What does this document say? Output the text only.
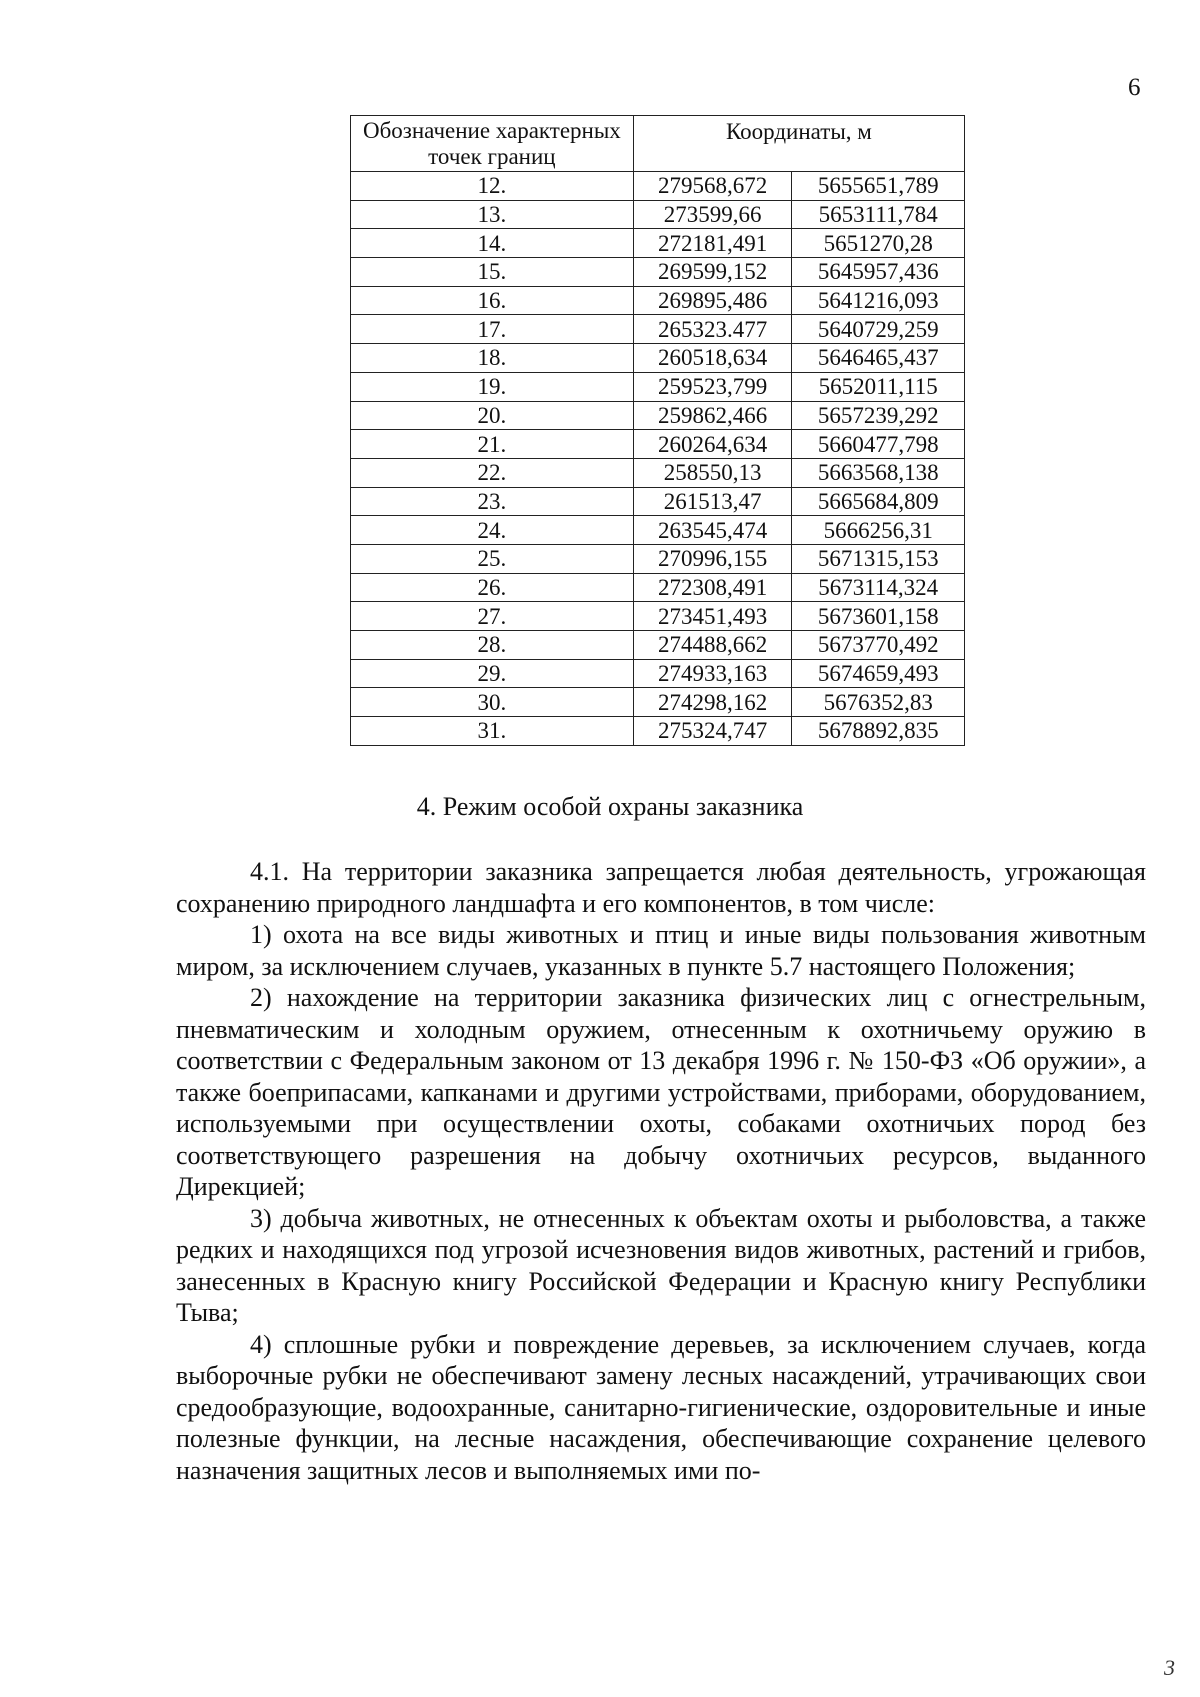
6
Обозначение характерных точек границ	Координаты, м	
12.	279568,672	5655651,789
13.	273599,66	5653111,784
14.	272181,491	5651270,28
15.	269599,152	5645957,436
16.	269895,486	5641216,093
17.	265323.477	5640729,259
18.	260518,634	5646465,437
19.	259523,799	5652011,115
20.	259862,466	5657239,292
21.	260264,634	5660477,798
22.	258550,13	5663568,138
23.	261513,47	5665684,809
24.	263545,474	5666256,31
25.	270996,155	5671315,153
26.	272308,491	5673114,324
27.	273451,493	5673601,158
28.	274488,662	5673770,492
29.	274933,163	5674659,493
30.	274298,162	5676352,83
31.	275324,747	5678892,835
4. Режим особой охраны заказника

4.1. На территории заказника запрещается любая деятельность, угрожающая сохранению природного ландшафта и его компонентов, в том числе:

1) охота на все виды животных и птиц и иные виды пользования животным миром, за исключением случаев, указанных в пункте 5.7 настоящего Положения;

2) нахождение на территории заказника физических лиц с огнестрельным, пневматическим и холодным оружием, отнесенным к охотничьему оружию в соответствии с Федеральным законом от 13 декабря 1996 г. № 150-ФЗ «Об оружии», а также боеприпасами, капканами и другими устройствами, приборами, оборудованием, используемыми при осуществлении охоты, собаками охотничьих пород без соответствующего разрешения на добычу охотничьих ресурсов, выданного Дирекцией;

3) добыча животных, не отнесенных к объектам охоты и рыболовства, а также редких и находящихся под угрозой исчезновения видов животных, растений и грибов, занесенных в Красную книгу Российской Федерации и Красную книгу Республики Тыва;

4) сплошные рубки и повреждение деревьев, за исключением случаев, когда выборочные рубки не обеспечивают замену лесных насаждений, утрачивающих свои средообразующие, водоохранные, санитарно-гигиенические, оздоровительные и иные полезные функции, на лесные насаждения, обеспечивающие сохранение целевого назначения защитных лесов и выполняемых ими по-

3
